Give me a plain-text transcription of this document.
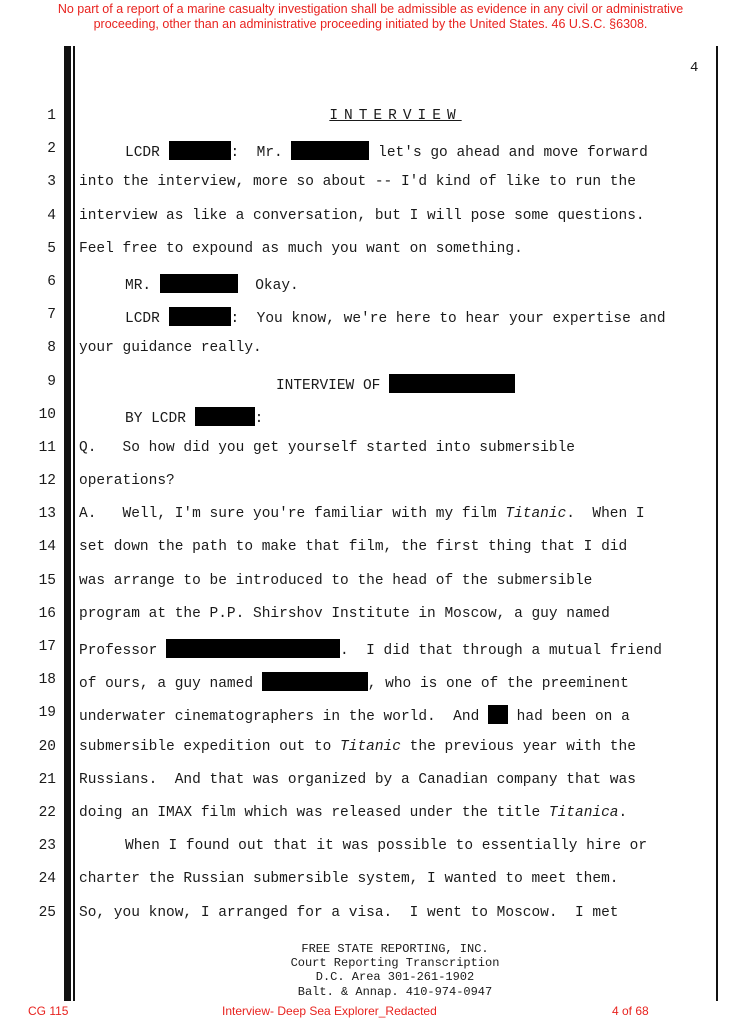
No part of a report of a marine casualty investigation shall be admissible as evidence in any civil or administrative proceeding, other than an administrative proceeding initiated by the United States. 46 U.S.C. §6308.
4
1	INTERVIEW
2	LCDR	:  Mr.	let's go ahead and move forward
3 into the interview, more so about -- I'd kind of like to run the
4 interview as like a conversation, but I will pose some questions.
5 Feel free to expound as much you want on something.
6	MR.	Okay.
7	LCDR	:  You know, we're here to hear your expertise and
8 your guidance really.
9	INTERVIEW OF
10	BY LCDR	:
11 Q.   So how did you get yourself started into submersible
12 operations?
13 A.   Well, I'm sure you're familiar with my film Titanic.  When I
14 set down the path to make that film, the first thing that I did
15 was arrange to be introduced to the head of the submersible
16 program at the P.P. Shirshov Institute in Moscow, a guy named
17 Professor	.  I did that through a mutual friend
18 of ours, a guy named	, who is one of the preeminent
19 underwater cinematographers in the world.  And  had been on a
20 submersible expedition out to Titanic the previous year with the
21 Russians.  And that was organized by a Canadian company that was
22 doing an IMAX film which was released under the title Titanica.
23	When I found out that it was possible to essentially hire or
24 charter the Russian submersible system, I wanted to meet them.
25 So, you know, I arranged for a visa.  I went to Moscow.  I met
FREE STATE REPORTING, INC.
Court Reporting Transcription
D.C. Area 301-261-1902
Balt. & Annap. 410-974-0947
CG 115	Interview- Deep Sea Explorer_Redacted	4 of 68
